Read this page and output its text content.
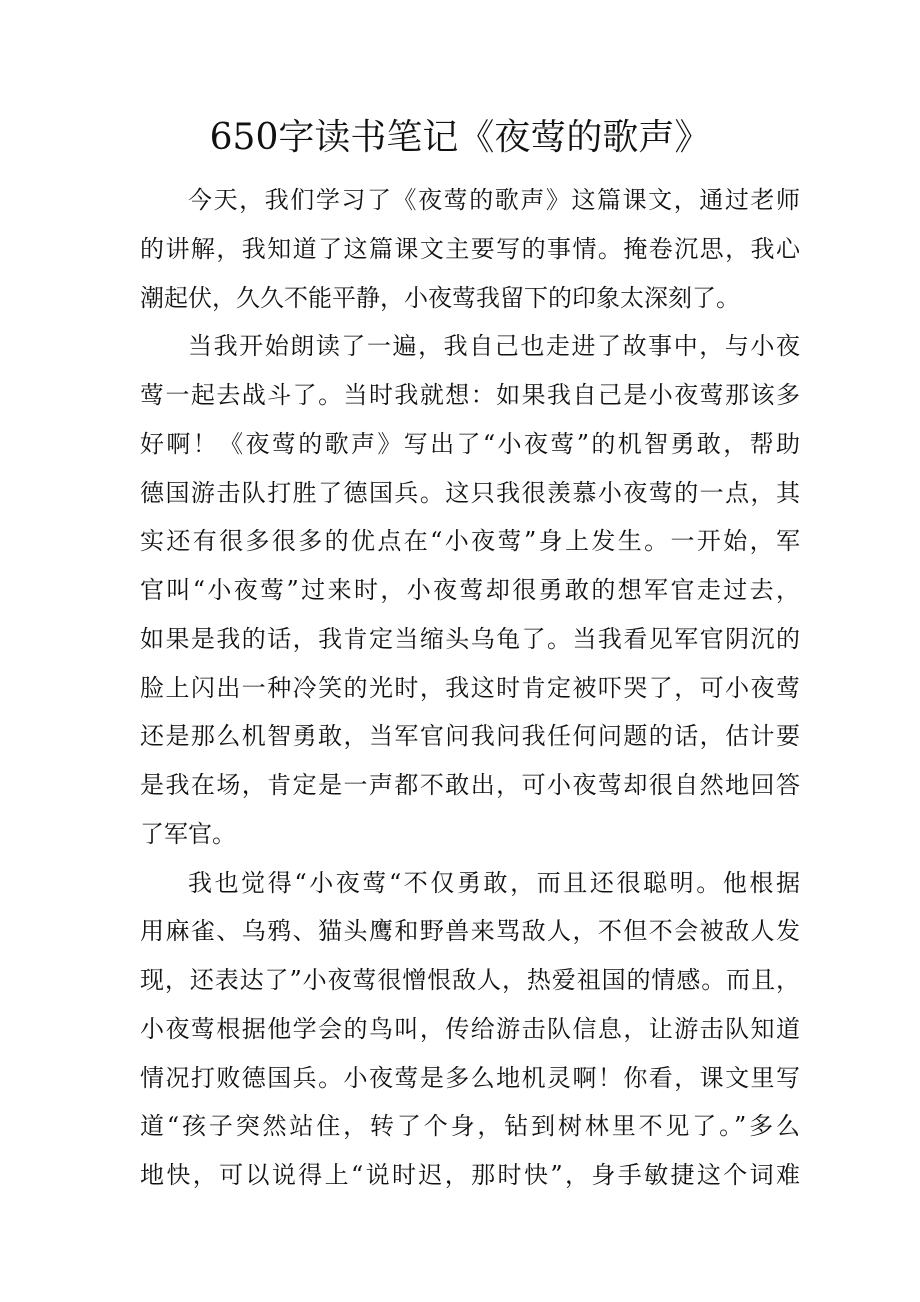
650字读书笔记《夜莺的歌声》
今天，我们学习了《夜莺的歌声》这篇课文，通过老师
的讲解，我知道了这篇课文主要写的事情。掩卷沉思，我心
潮起伏，久久不能平静，小夜莺我留下的印象太深刻了。
当我开始朗读了一遍，我自己也走进了故事中，与小夜
莺一起去战斗了。当时我就想：如果我自己是小夜莺那该多
好啊！《夜莺的歌声》写出了“小夜莺”的机智勇敢，帮助
德国游击队打胜了德国兵。这只我很羡慕小夜莺的一点，其
实还有很多很多的优点在“小夜莺”身上发生。一开始，军
官叫“小夜莺”过来时，小夜莺却很勇敢的想军官走过去，
如果是我的话，我肯定当缩头乌龟了。当我看见军官阴沉的
脸上闪出一种冷笑的光时，我这时肯定被吓哭了，可小夜莺
还是那么机智勇敢，当军官问我问我任何问题的话，估计要
是我在场，肯定是一声都不敢出，可小夜莺却很自然地回答
了军官。
我也觉得“小夜莺“不仅勇敢，而且还很聪明。他根据
用麻雀、乌鸦、猫头鹰和野兽来骂敌人，不但不会被敌人发
现，还表达了”小夜莺很憎恨敌人，热爱祖国的情感。而且，
小夜莺根据他学会的鸟叫，传给游击队信息，让游击队知道
情况打败德国兵。小夜莺是多么地机灵啊！你看，课文里写
道“孩子突然站住，转了个身，钻到树林里不见了。”多么
地快，可以说得上“说时迟，那时快”，身手敏捷这个词难
